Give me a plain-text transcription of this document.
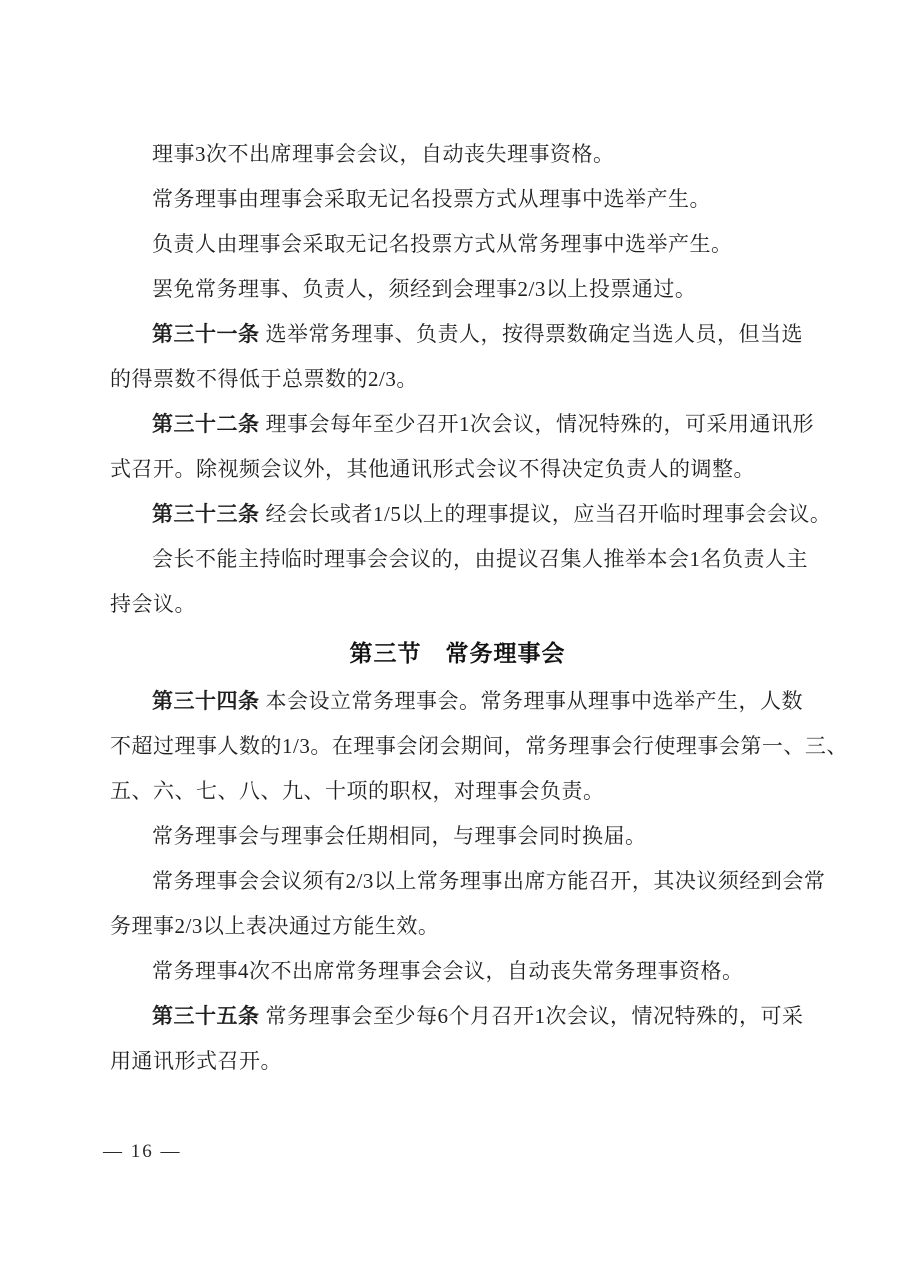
理事3次不出席理事会会议，自动丧失理事资格。

常务理事由理事会采取无记名投票方式从理事中选举产生。

负责人由理事会采取无记名投票方式从常务理事中选举产生。

罢免常务理事、负责人，须经到会理事2/3以上投票通过。

第三十一条 选举常务理事、负责人，按得票数确定当选人员，但当选

的得票数不得低于总票数的2/3。

第三十二条 理事会每年至少召开1次会议，情况特殊的，可采用通讯形

式召开。除视频会议外，其他通讯形式会议不得决定负责人的调整。

第三十三条 经会长或者1/5以上的理事提议，应当召开临时理事会会议。

会长不能主持临时理事会会议的，由提议召集人推举本会1名负责人主

持会议。

第三节　常务理事会

第三十四条 本会设立常务理事会。常务理事从理事中选举产生，人数

不超过理事人数的1/3。在理事会闭会期间，常务理事会行使理事会第一、三、

五、六、七、八、九、十项的职权，对理事会负责。

常务理事会与理事会任期相同，与理事会同时换届。

常务理事会会议须有2/3以上常务理事出席方能召开，其决议须经到会常

务理事2/3以上表决通过方能生效。

常务理事4次不出席常务理事会会议，自动丧失常务理事资格。

第三十五条 常务理事会至少每6个月召开1次会议，情况特殊的，可采

用通讯形式召开。

— 16 —
